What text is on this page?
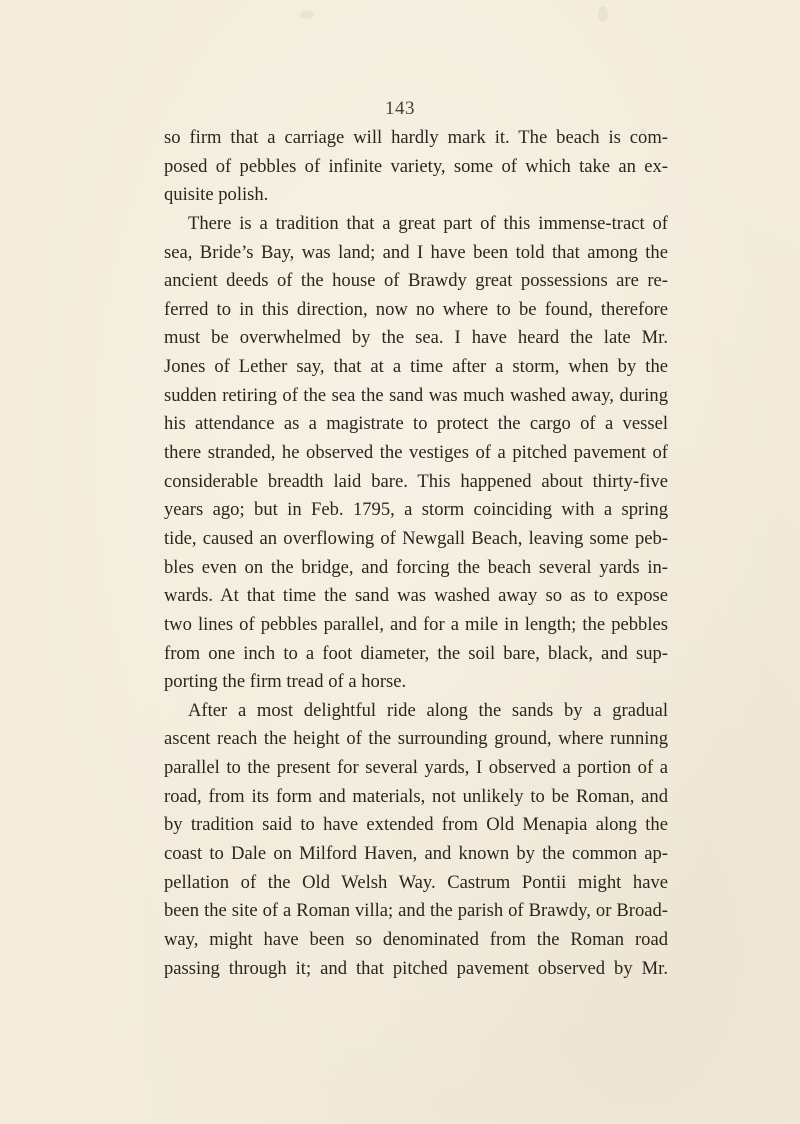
143
so firm that a carriage will hardly mark it. The beach is com-
posed of pebbles of infinite variety, some of which take an ex-
quisite polish.
There is a tradition that a great part of this immense-tract of
sea, Bride’s Bay, was land; and I have been told that among the
ancient deeds of the house of Brawdy great possessions are re-
ferred to in this direction, now no where to be found, therefore
must be overwhelmed by the sea. I have heard the late Mr.
Jones of Lether say, that at a time after a storm, when by the
sudden retiring of the sea the sand was much washed away, during
his attendance as a magistrate to protect the cargo of a vessel
there stranded, he observed the vestiges of a pitched pavement of
considerable breadth laid bare. This happened about thirty-five
years ago; but in Feb. 1795, a storm coinciding with a spring
tide, caused an overflowing of Newgall Beach, leaving some peb-
bles even on the bridge, and forcing the beach several yards in-
wards. At that time the sand was washed away so as to expose
two lines of pebbles parallel, and for a mile in length; the pebbles
from one inch to a foot diameter, the soil bare, black, and sup-
porting the firm tread of a horse.
After a most delightful ride along the sands by a gradual
ascent reach the height of the surrounding ground, where running
parallel to the present for several yards, I observed a portion of a
road, from its form and materials, not unlikely to be Roman, and
by tradition said to have extended from Old Menapia along the
coast to Dale on Milford Haven, and known by the common ap-
pellation of the Old Welsh Way. Castrum Pontii might have
been the site of a Roman villa; and the parish of Brawdy, or Broad-
way, might have been so denominated from the Roman road
passing through it; and that pitched pavement observed by Mr.
